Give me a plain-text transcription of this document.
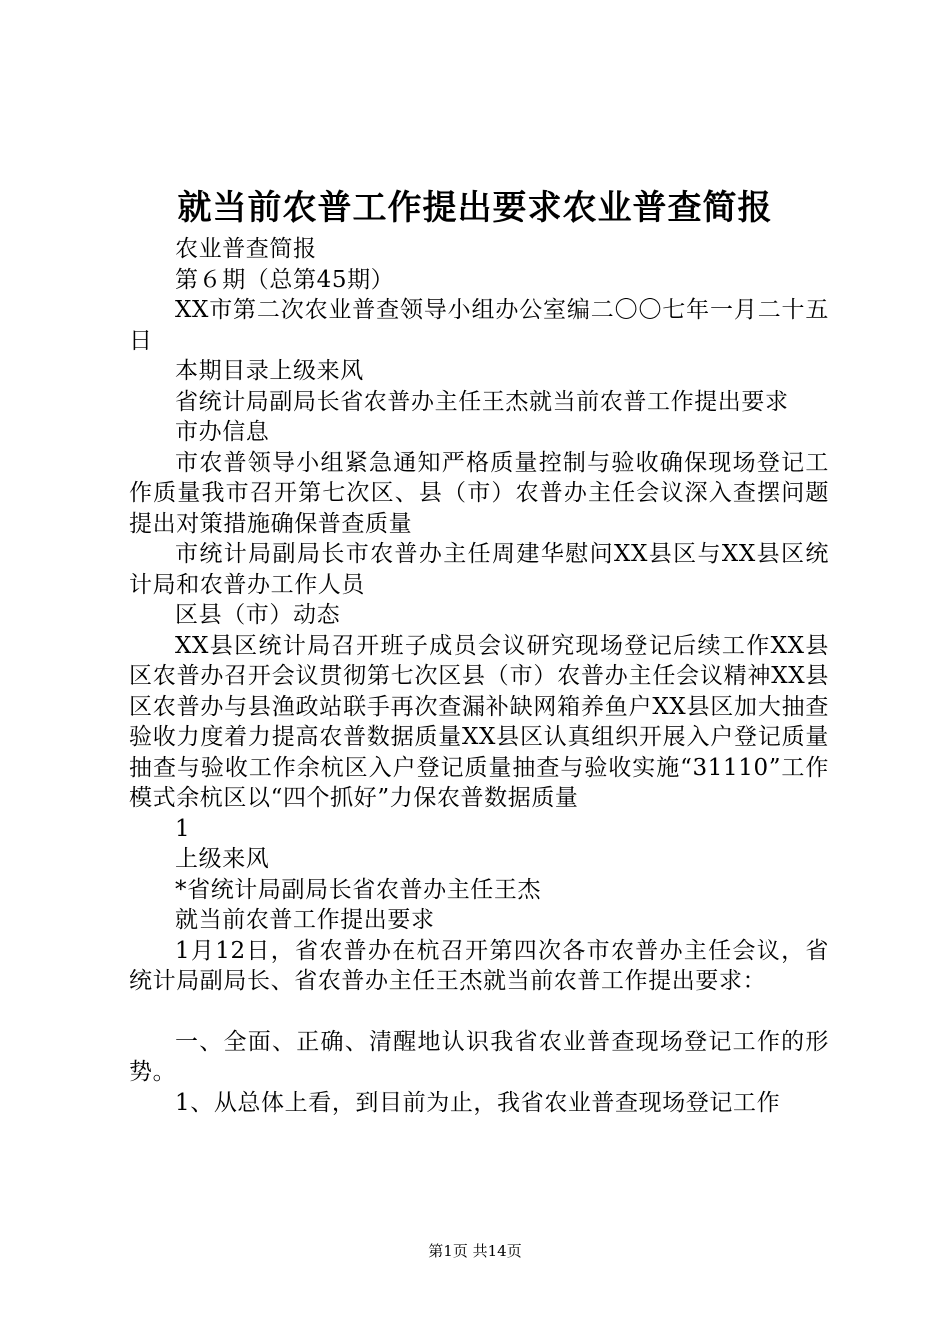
就当前农普工作提出要求农业普查简报

农业普查简报

第６期（总第45期）

XX市第二次农业普查领导小组办公室编二〇〇七年一月二十五日

本期目录上级来风

省统计局副局长省农普办主任王杰就当前农普工作提出要求

市办信息

市农普领导小组紧急通知严格质量控制与验收确保现场登记工作质量我市召开第七次区、县（市）农普办主任会议深入查摆问题提出对策措施确保普查质量

市统计局副局长市农普办主任周建华慰问XX县区与XX县区统计局和农普办工作人员

区县（市）动态

XX县区统计局召开班子成员会议研究现场登记后续工作XX县区农普办召开会议贯彻第七次区县（市）农普办主任会议精神XX县区农普办与县渔政站联手再次查漏补缺网箱养鱼户XX县区加大抽查验收力度着力提高农普数据质量XX县区认真组织开展入户登记质量抽查与验收工作余杭区入户登记质量抽查与验收实施“31110”工作模式余杭区以“四个抓好”力保农普数据质量

1

上级来风

*省统计局副局长省农普办主任王杰

就当前农普工作提出要求

1月12日，省农普办在杭召开第四次各市农普办主任会议，省统计局副局长、省农普办主任王杰就当前农普工作提出要求：

一、全面、正确、清醒地认识我省农业普查现场登记工作的形势。

1、从总体上看，到目前为止，我省农业普查现场登记工作

第1页 共14页
